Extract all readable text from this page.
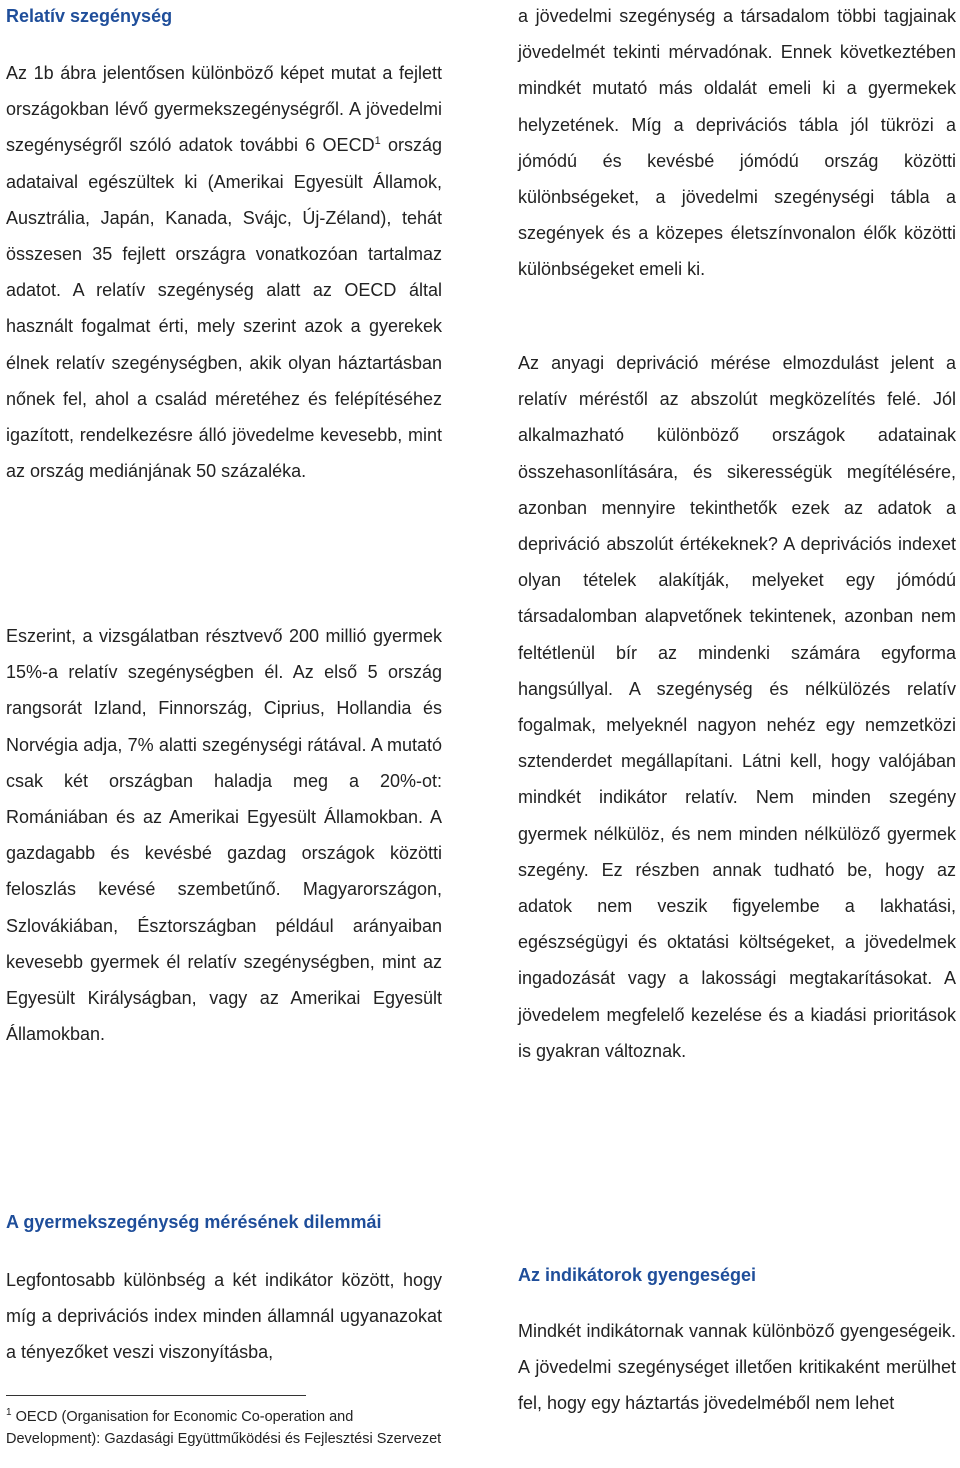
Relatív szegénység

Az 1b ábra jelentősen különböző képet mutat a fejlett országokban lévő gyermekszegénységről. A jövedelmi szegénységről szóló adatok további 6 OECD$^1$ ország adataival egészültek ki (Amerikai Egyesült Államok, Ausztrália, Japán, Kanada, Svájc, Új-Zéland), tehát összesen 35 fejlett országra vonatkozóan tartalmaz adatot. A relatív szegénység alatt az OECD által használt fogalmat érti, mely szerint azok a gyerekek élnek relatív szegénységben, akik olyan háztartásban nőnek fel, ahol a család méretéhez és felépítéséhez igazított, rendelkezésre álló jövedelme kevesebb, mint az ország mediánjának 50 százaléka.

Eszerint, a vizsgálatban résztvevő 200 millió gyermek 15%-a relatív szegénységben él. Az első 5 ország rangsorát Izland, Finnország, Ciprius, Hollandia és Norvégia adja, 7% alatti szegénységi rátával. A mutató csak két országban haladja meg a 20%-ot: Romániában és az Amerikai Egyesült Államokban. A gazdagabb és kevésbé gazdag országok közötti feloszlás kevésé szembetűnő. Magyarországon, Szlovákiában, Észtországban például arányaiban kevesebb gyermek él relatív szegénységben, mint az Egyesült Királyságban, vagy az Amerikai Egyesült Államokban.

A gyermekszegénység mérésének dilemmái

Legfontosabb különbség a két indikátor között, hogy míg a deprivációs index minden államnál ugyanazokat a tényezőket veszi viszonyításba,

a jövedelmi szegénység a társadalom többi tagjainak jövedelmét tekinti mérvadónak. Ennek következtében mindkét mutató más oldalát emeli ki a gyermekek helyzetének. Míg a deprivációs tábla jól tükrözi a jómódú és kevésbé jómódú ország közötti különbségeket, a jövedelmi szegénységi tábla a szegények és a közepes életszínvonalon élők közötti különbségeket emeli ki.

Az anyagi depriváció mérése elmozdulást jelent a relatív méréstől az abszolút megközelítés felé. Jól alkalmazható különböző országok adatainak összehasonlítására, és sikerességük megítélésére, azonban mennyire tekinthetők ezek az adatok a depriváció abszolút értékeknek? A deprivációs indexet olyan tételek alakítják, melyeket egy jómódú társadalomban alapvetőnek tekintenek, azonban nem feltétlenül bír az mindenki számára egyforma hangsúllyal. A szegénység és nélkülözés relatív fogalmak, melyeknél nagyon nehéz egy nemzetközi sztenderdet megállapítani. Látni kell, hogy valójában mindkét indikátor relatív. Nem minden szegény gyermek nélkülöz, és nem minden nélkülöző gyermek szegény. Ez részben annak tudható be, hogy az adatok nem veszik figyelembe a lakhatási, egészségügyi és oktatási költségeket, a jövedelmek ingadozását vagy a lakossági megtakarításokat. A jövedelem megfelelő kezelése és a kiadási prioritások is gyakran változnak.

Az indikátorok gyengeségei

Mindkét indikátornak vannak különböző gyengeségeik. A jövedelmi szegénységet illetően kritikaként merülhet fel, hogy egy háztartás jövedelméből nem lehet

$^1$ OECD (Organisation for Economic Co-operation and Development): Gazdasági Együttműködési és Fejlesztési Szervezet
